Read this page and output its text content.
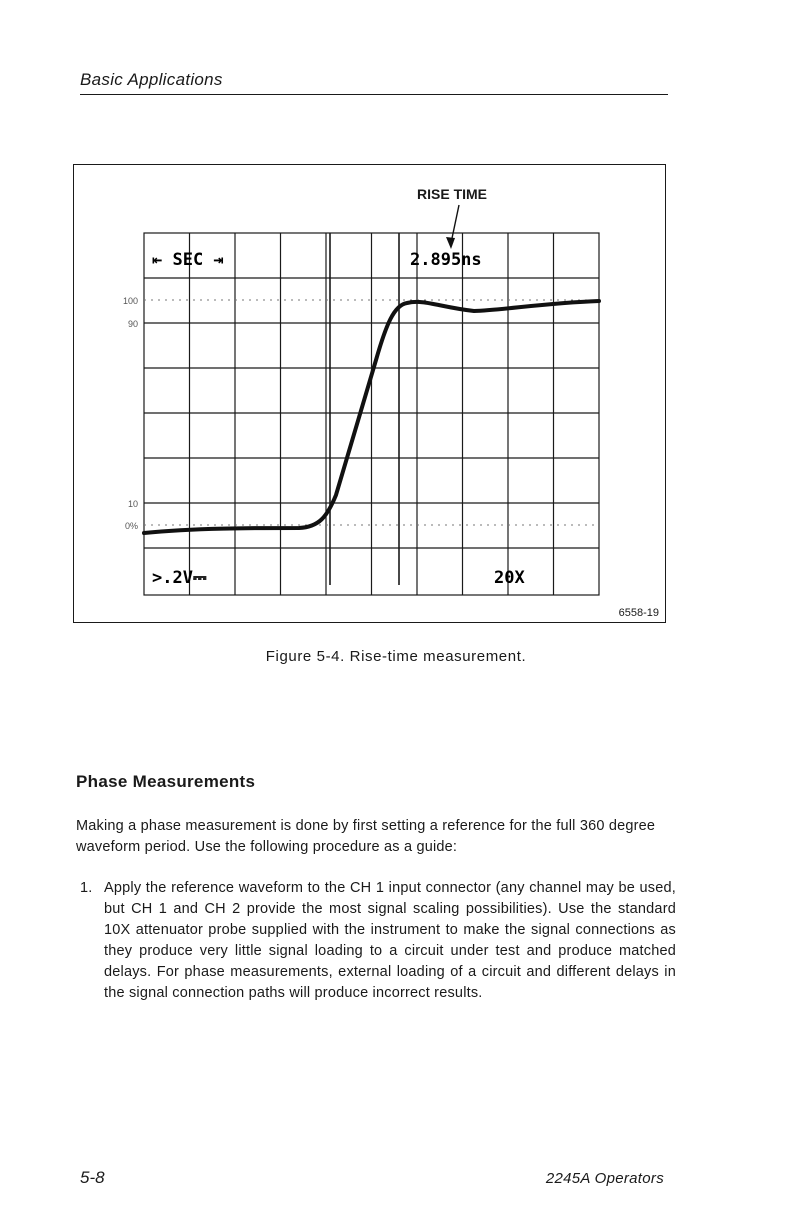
Basic Applications
100
90
10
0%
⇤ SEC ⇥	2.895ns
>.2V⎓	20X
RISE TIME
6558-19
Figure 5-4. Rise-time measurement.
Phase Measurements
Making a phase measurement is done by first setting a reference for the full 360 degree waveform period. Use the following procedure as a guide:
1. Apply the reference waveform to the CH 1 input connector (any channel may be used, but CH 1 and CH 2 provide the most signal scaling possibilities). Use the standard 10X attenuator probe supplied with the instrument to make the signal connections as they produce very little signal loading to a circuit under test and produce matched delays. For phase measurements, external loading of a circuit and different delays in the signal connection paths will produce incorrect results.
5-8	2245A Operators
